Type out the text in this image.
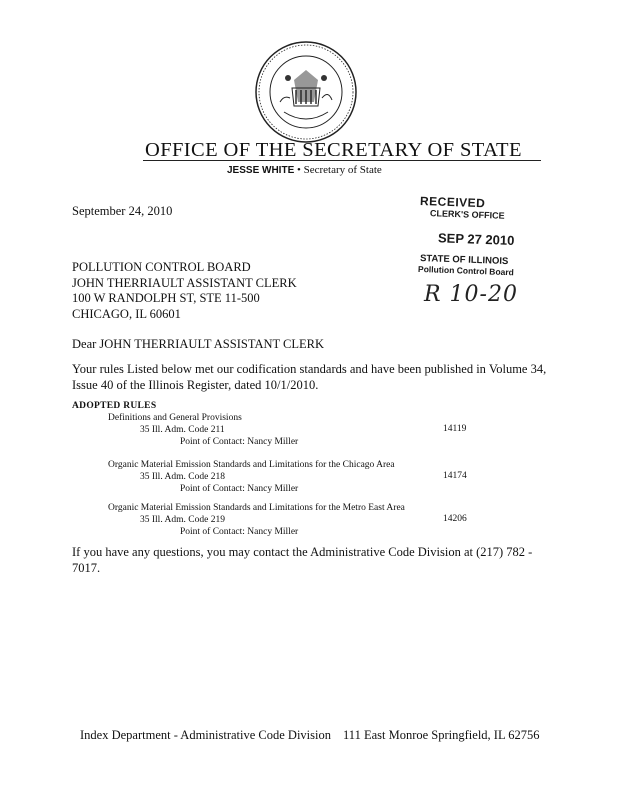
OFFICE OF THE SECRETARY OF STATE
JESSE WHITE • Secretary of State
September 24, 2010
RECEIVED
CLERK'S OFFICE
SEP 27 2010
STATE OF ILLINOIS
Pollution Control Board
R 10-20
POLLUTION CONTROL BOARD
JOHN THERRIAULT ASSISTANT CLERK
100 W RANDOLPH ST, STE 11-500
CHICAGO, IL 60601
Dear JOHN THERRIAULT ASSISTANT CLERK
Your rules Listed below met our codification standards and have been published in Volume 34, Issue 40 of the Illinois Register, dated 10/1/2010.
ADOPTED RULES
Definitions and General Provisions
35 Ill. Adm. Code 211
Point of Contact: Nancy Miller
14119
Organic Material Emission Standards and Limitations for the Chicago Area
35 Ill. Adm. Code 218
Point of Contact: Nancy Miller
14174
Organic Material Emission Standards and Limitations for the Metro East Area
35 Ill. Adm. Code 219
Point of Contact: Nancy Miller
14206
If you have any questions, you may contact the Administrative Code Division at (217) 782 - 7017.
Index Department - Administrative Code Division 111 East Monroe Springfield, IL 62756
